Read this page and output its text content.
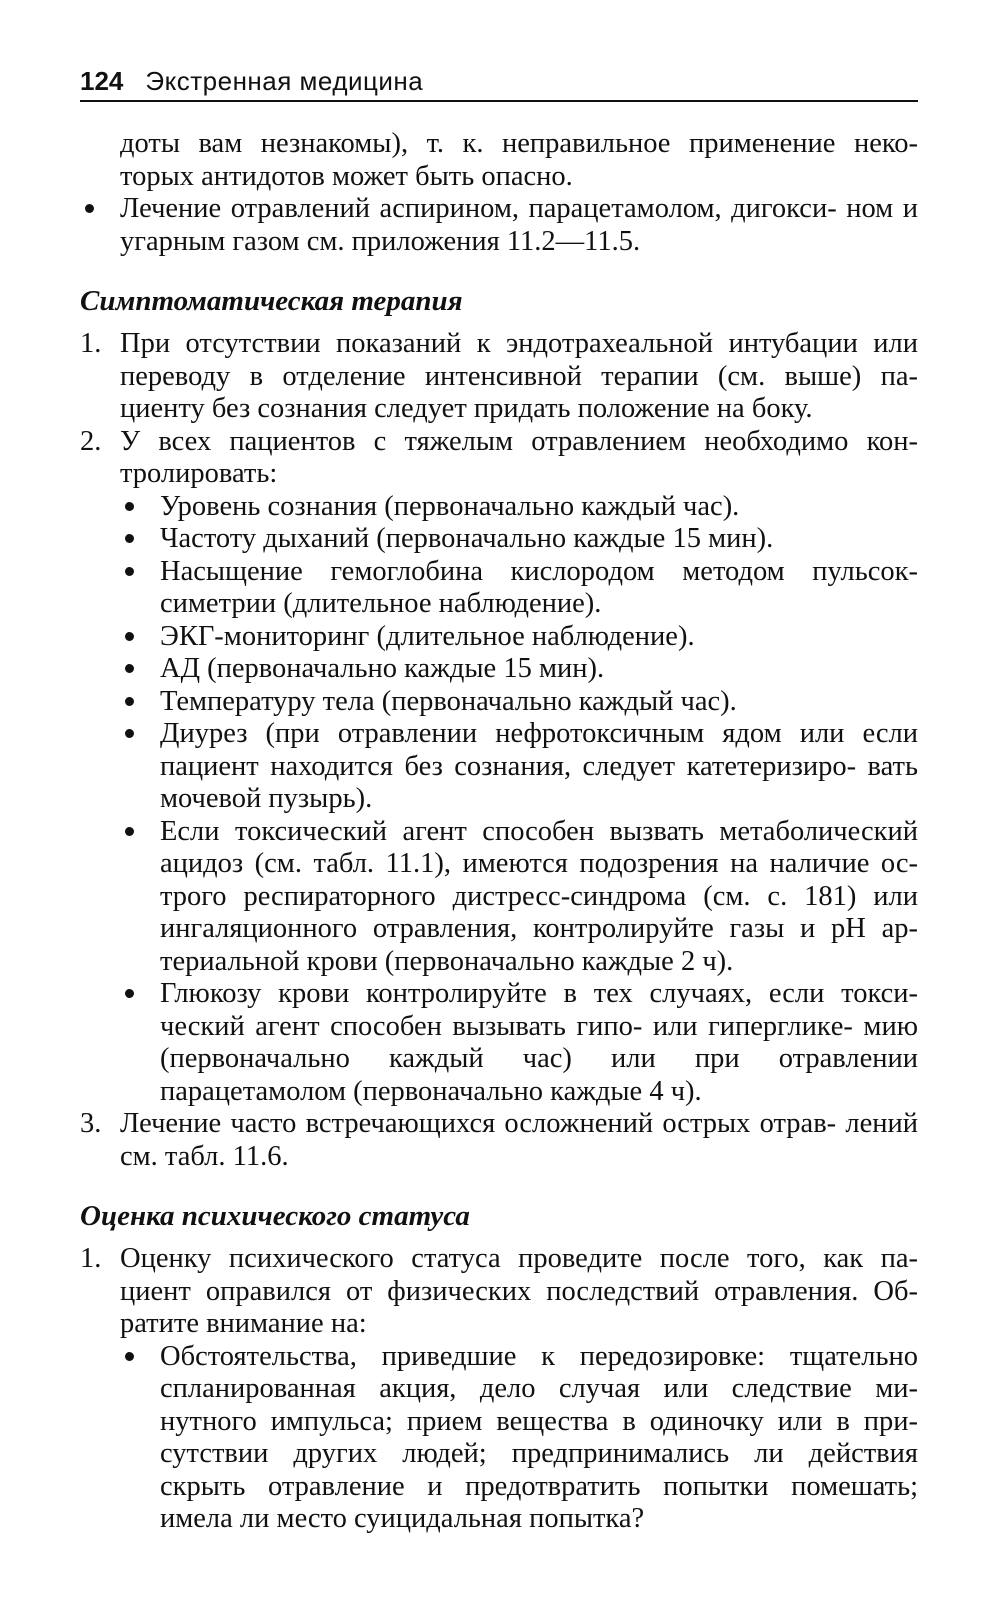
124 Экстренная медицина

доты вам незнакомы), т. к. неправильное применение неко-

торых антидотов может быть опасно.

Лечение отравлений аспирином, парацетамолом, дигокси- ном и угарным газом см. приложения 11.2—11.5.

Симптоматическая терапия
1. При отсутствии показаний к эндотрахеальной интубации или переводу в отделение интенсивной терапии (см. выше) па- циенту без сознания следует придать положение на боку.

2. У всех пациентов с тяжелым отравлением необходимо кон- тролировать:

Уровень сознания (первоначально каждый час).

Частоту дыханий (первоначально каждые 15 мин).

Насыщение гемоглобина кислородом методом пульсок- симетрии (длительное наблюдение).

ЭКГ-мониторинг (длительное наблюдение).

АД (первоначально каждые 15 мин).

Температуру тела (первоначально каждый час).

Диурез (при отравлении нефротоксичным ядом или если пациент находится без сознания, следует катетеризиро- вать мочевой пузырь).

Если токсический агент способен вызвать метаболический ацидоз (см. табл. 11.1), имеются подозрения на наличие ос- трого респираторного дистресс-синдрома (см. с. 181) или ингаляционного отравления, контролируйте газы и pH ар- териальной крови (первоначально каждые 2 ч).

Глюкозу крови контролируйте в тех случаях, если токси- ческий агент способен вызывать гипо- или гипергликe- мию (первоначально каждый час) или при отравлении парацетамолом (первоначально каждые 4 ч).

3. Лечение часто встречающихся осложнений острых отрав- лений см. табл. 11.6.

Оценка психического статуса
1. Оценку психического статуса проведите после того, как па- циент оправился от физических последствий отравления. Об- ратите внимание на:

Обстоятельства, приведшие к передозировке: тщательно спланированная акция, дело случая или следствие ми- нутного импульса; прием вещества в одиночку или в при- сутствии других людей; предпринимались ли действия скрыть отравление и предотвратить попытки помешать; имела ли место суицидальная попытка?
